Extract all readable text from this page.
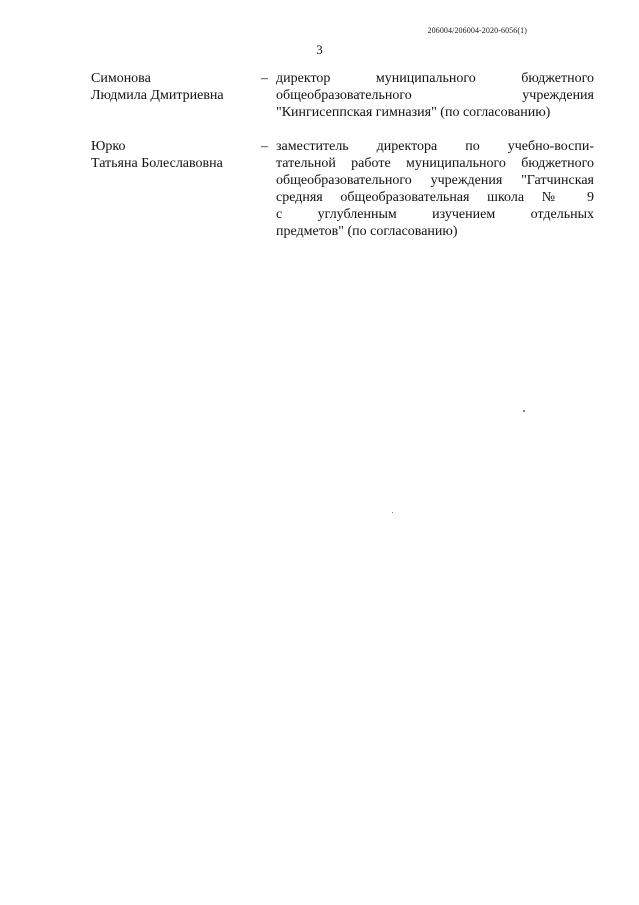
206004/206004-2020-6056(1)
3
Симонова
Людмила Дмитриевна
– директор муниципального бюджетного
общеобразовательного учреждения
"Кингисеппская гимназия" (по согласованию)
Юрко
Татьяна Болеславовна
– заместитель директора по учебно-воспи-
тательной работе муниципального бюджетного
общеобразовательного учреждения "Гатчинская
средняя общеобразовательная школа № 9
с углубленным изучением отдельных
предметов" (по согласованию)
